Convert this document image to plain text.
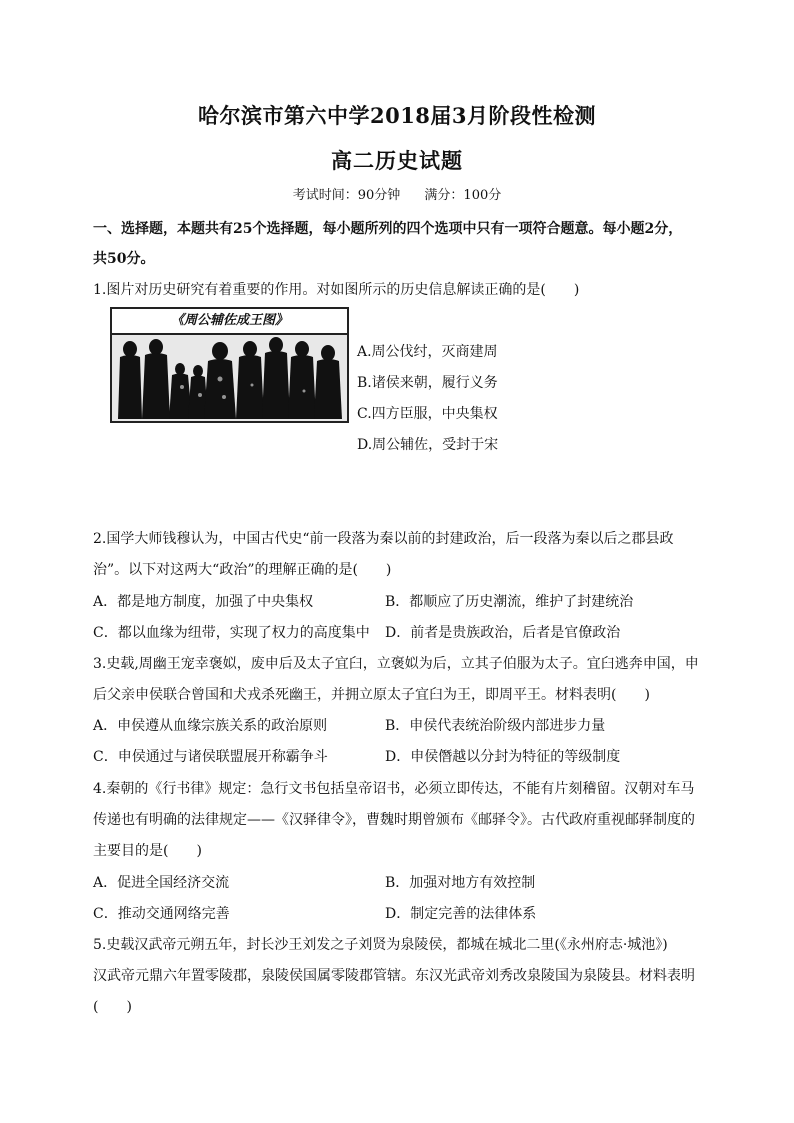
哈尔滨市第六中学2018届3月阶段性检测
高二历史试题
考试时间：90分钟 满分：100分
一、选择题，本题共有25个选择题，每小题所列的四个选项中只有一项符合题意。每小题2分，
共50分。
1.图片对历史研究有着重要的作用。对如图所示的历史信息解读正确的是(　　)
《周公辅佐成王图》
A.周公伐纣，灭商建周
B.诸侯来朝，履行义务
C.四方臣服，中央集权
D.周公辅佐，受封于宋
2.国学大师钱穆认为，中国古代史“前一段落为秦以前的封建政治，后一段落为秦以后之郡县政
治”。以下对这两大“政治”的理解正确的是(　　)
A．都是地方制度，加强了中央集权	B．都顺应了历史潮流，维护了封建统治
C．都以血缘为纽带，实现了权力的高度集中 D．前者是贵族政治，后者是官僚政治
3.史载,周幽王宠幸褒姒，废申后及太子宜臼，立褒姒为后，立其子伯服为太子。宜臼逃奔申国，申
后父亲申侯联合曾国和犬戎杀死幽王，并拥立原太子宜臼为王，即周平王。材料表明(　　)
A．申侯遵从血缘宗族关系的政治原则	B．申侯代表统治阶级内部进步力量
C．申侯通过与诸侯联盟展开称霸争斗	D．申侯僭越以分封为特征的等级制度
4.秦朝的《行书律》规定：急行文书包括皇帝诏书，必须立即传达，不能有片刻稽留。汉朝对车马
传递也有明确的法律规定——《汉驿律令》，曹魏时期曾颁布《邮驿令》。古代政府重视邮驿制度的
主要目的是(　　)
A．促进全国经济交流	B．加强对地方有效控制
C．推动交通网络完善	D．制定完善的法律体系
5.史载汉武帝元朔五年，封长沙王刘发之子刘贤为泉陵侯，都城在城北二里(《永州府志·城池》)
汉武帝元鼎六年置零陵郡，泉陵侯国属零陵郡管辖。东汉光武帝刘秀改泉陵国为泉陵县。材料表明
(　　)
